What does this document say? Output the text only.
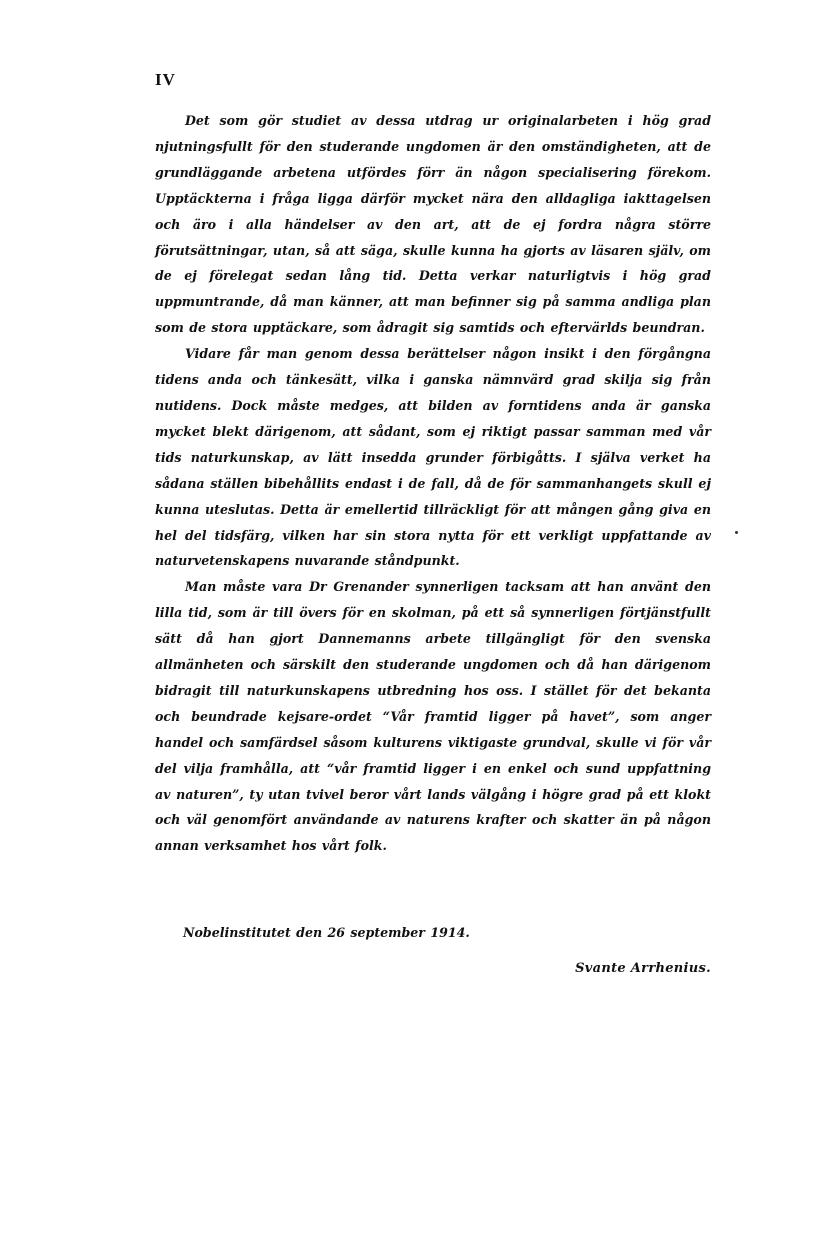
IV

Det som gör studiet av dessa utdrag ur originalarbeten i hög grad njutningsfullt för den studerande ungdomen är den omständigheten, att de grundläggande arbetena utfördes förr än någon specialisering förekom. Upptäckterna i fråga ligga därför mycket nära den alldagliga iakttagelsen och äro i alla händelser av den art, att de ej fordra några större förutsättningar, utan, så att säga, skulle kunna ha gjorts av läsaren själv, om de ej förelegat sedan lång tid. Detta verkar naturligtvis i hög grad uppmuntrande, då man känner, att man befinner sig på samma andliga plan som de stora upptäckare, som ådragit sig samtids och eftervärlds beundran.

Vidare får man genom dessa berättelser någon insikt i den förgångna tidens anda och tänkesätt, vilka i ganska nämnvärd grad skilja sig från nutidens. Dock måste medges, att bilden av forntidens anda är ganska mycket blekt därigenom, att sådant, som ej riktigt passar samman med vår tids naturkunskap, av lätt insedda grunder förbigåtts. I själva verket ha sådana ställen bibehållits endast i de fall, då de för sammanhangets skull ej kunna uteslutas. Detta är emellertid tillräckligt för att mången gång giva en hel del tidsfärg, vilken har sin stora nytta för ett verkligt uppfattande av naturvetenskapens nuvarande ståndpunkt.

Man måste vara Dr Grenander synnerligen tacksam att han använt den lilla tid, som är till övers för en skolman, på ett så synnerligen förtjänstfullt sätt då han gjort Dannemanns arbete tillgängligt för den svenska allmänheten och särskilt den studerande ungdomen och då han därigenom bidragit till naturkunskapens utbredning hos oss. I stället för det bekanta och beundrade kejsare-ordet “Vår framtid ligger på havet”, som anger handel och samfärdsel såsom kulturens viktigaste grundval, skulle vi för vår del vilja framhålla, att “vår framtid ligger i en enkel och sund uppfattning av naturen”, ty utan tvivel beror vårt lands välgång i högre grad på ett klokt och väl genomfört användande av naturens krafter och skatter än på någon annan verksamhet hos vårt folk.

Nobelinstitutet den 26 september 1914.
Svante Arrhenius.
